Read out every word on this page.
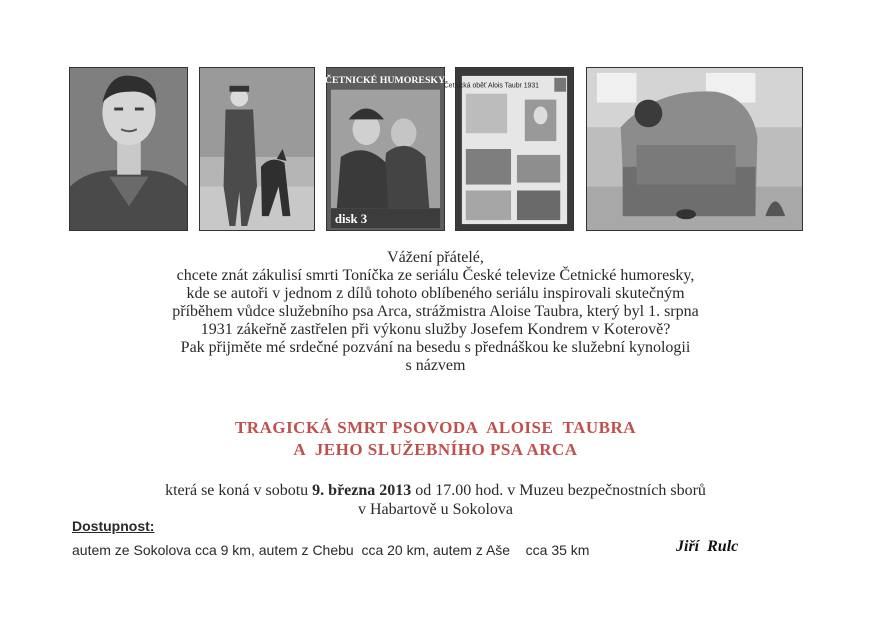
ČETNICKÉ HUMORESKY
disk 3
Četnická oběť Alois Taubr 1931
Vážení přátelé,
chcete znát zákulisí smrti Toníčka ze seriálu České televize Četnické humoresky,
kde se autoři v jednom z dílů tohoto oblíbeného seriálu inspirovali skutečným
příběhem vůdce služebního psa Arca, strážmistra Aloise Taubra, který byl 1. srpna
1931 zákeřně zastřelen při výkonu služby Josefem Kondrem v Koterově?
Pak přijměte mé srdečné pozvání na besedu s přednáškou ke služební kynologii
s názvem
TRAGICKÁ SMRT PSOVODA  ALOISE  TAUBRA
A  JEHO SLUŽEBNÍHO PSA ARCA
která se koná v sobotu 9. března 2013 od 17.00 hod. v Muzeu bezpečnostních sborů
v Habartově u Sokolova
Dostupnost:
autem ze Sokolova cca 9 km, autem z Chebu  cca 20 km, autem z Aše    cca 35 km	Jiří  Rulc
